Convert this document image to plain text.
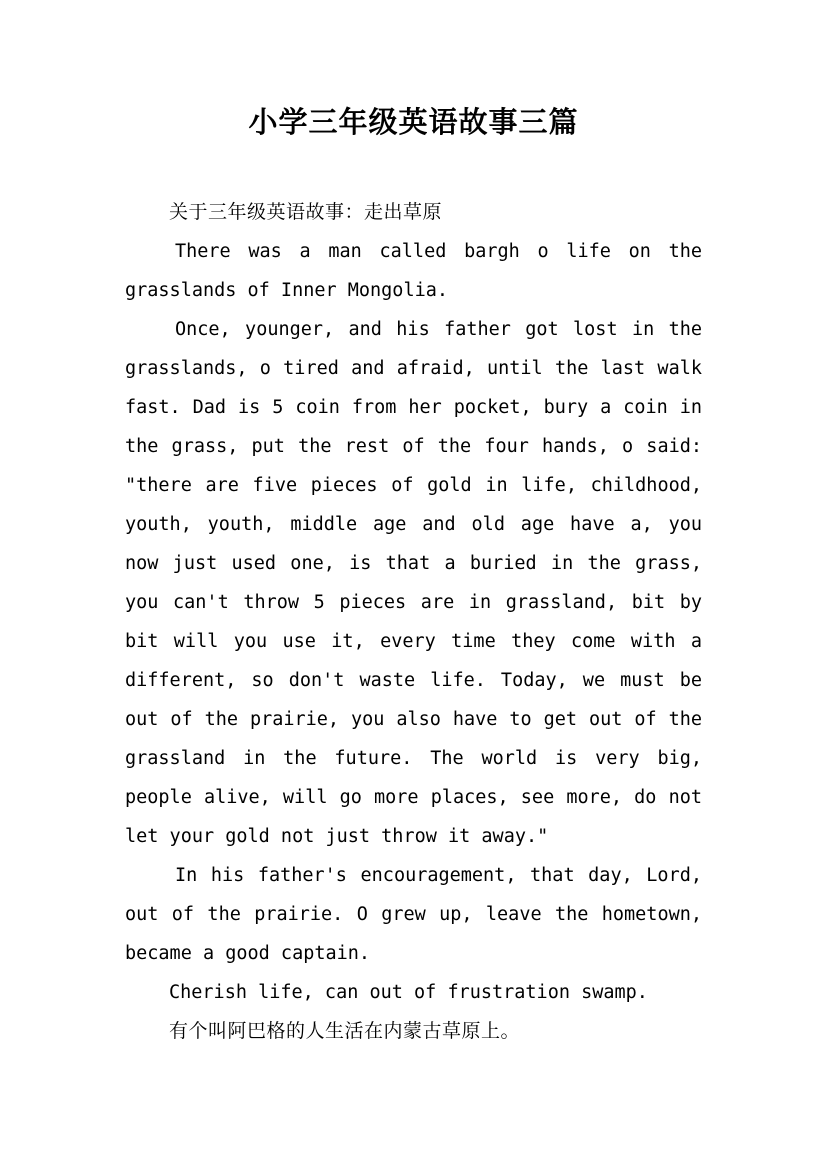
小学三年级英语故事三篇

关于三年级英语故事：走出草原

There was a man called bargh o life on the grasslands of Inner Mongolia.

Once, younger, and his father got lost in the grasslands, o tired and afraid, until the last walk fast. Dad is 5 coin from her pocket, bury a coin in the grass, put the rest of the four hands, o said: "there are five pieces of gold in life, childhood, youth, youth, middle age and old age have a, you now just used one, is that a buried in the grass, you can't throw 5 pieces are in grassland, bit by bit will you use it, every time they come with a different, so don't waste life. Today, we must be out of the prairie, you also have to get out of the grassland in the future. The world is very big, people alive, will go more places, see more, do not let your gold not just throw it away."

In his father's encouragement, that day, Lord, out of the prairie. O grew up, leave the hometown, became a good captain.

Cherish life, can out of frustration swamp.

有个叫阿巴格的人生活在内蒙古草原上。
